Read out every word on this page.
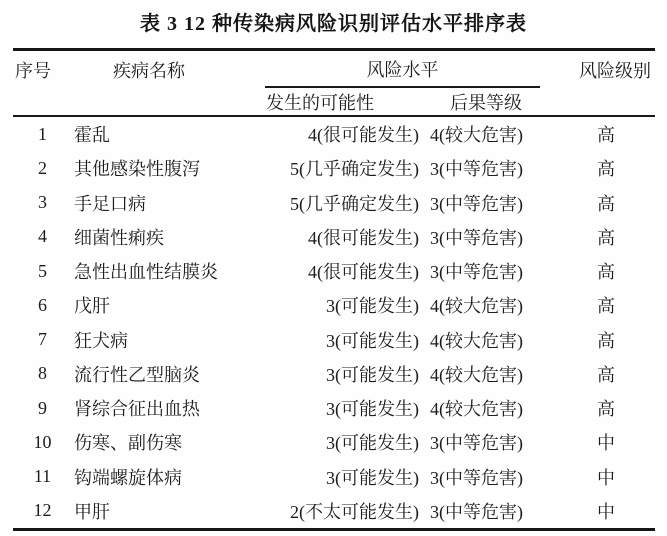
表 3 12 种传染病风险识别评估水平排序表
序号	疾病名称	风险水平	风险级别
发生的可能性	后果等级
1	霍乱	4(很可能发生) 4(较大危害)	高
2	其他感染性腹泻	5(几乎确定发生) 3(中等危害)	高
3	手足口病	5(几乎确定发生) 3(中等危害)	高
4	细菌性痢疾	4(很可能发生) 3(中等危害)	高
5	急性出血性结膜炎	4(很可能发生) 3(中等危害)	高
6	戊肝	3(可能发生) 4(较大危害)	高
7	狂犬病	3(可能发生) 4(较大危害)	高
8	流行性乙型脑炎	3(可能发生) 4(较大危害)	高
9	肾综合征出血热	3(可能发生) 4(较大危害)	高
10	伤寒、副伤寒	3(可能发生) 3(中等危害)	中
11	钩端螺旋体病	3(可能发生) 3(中等危害)	中
12	甲肝	2(不太可能发生) 3(中等危害)	中
